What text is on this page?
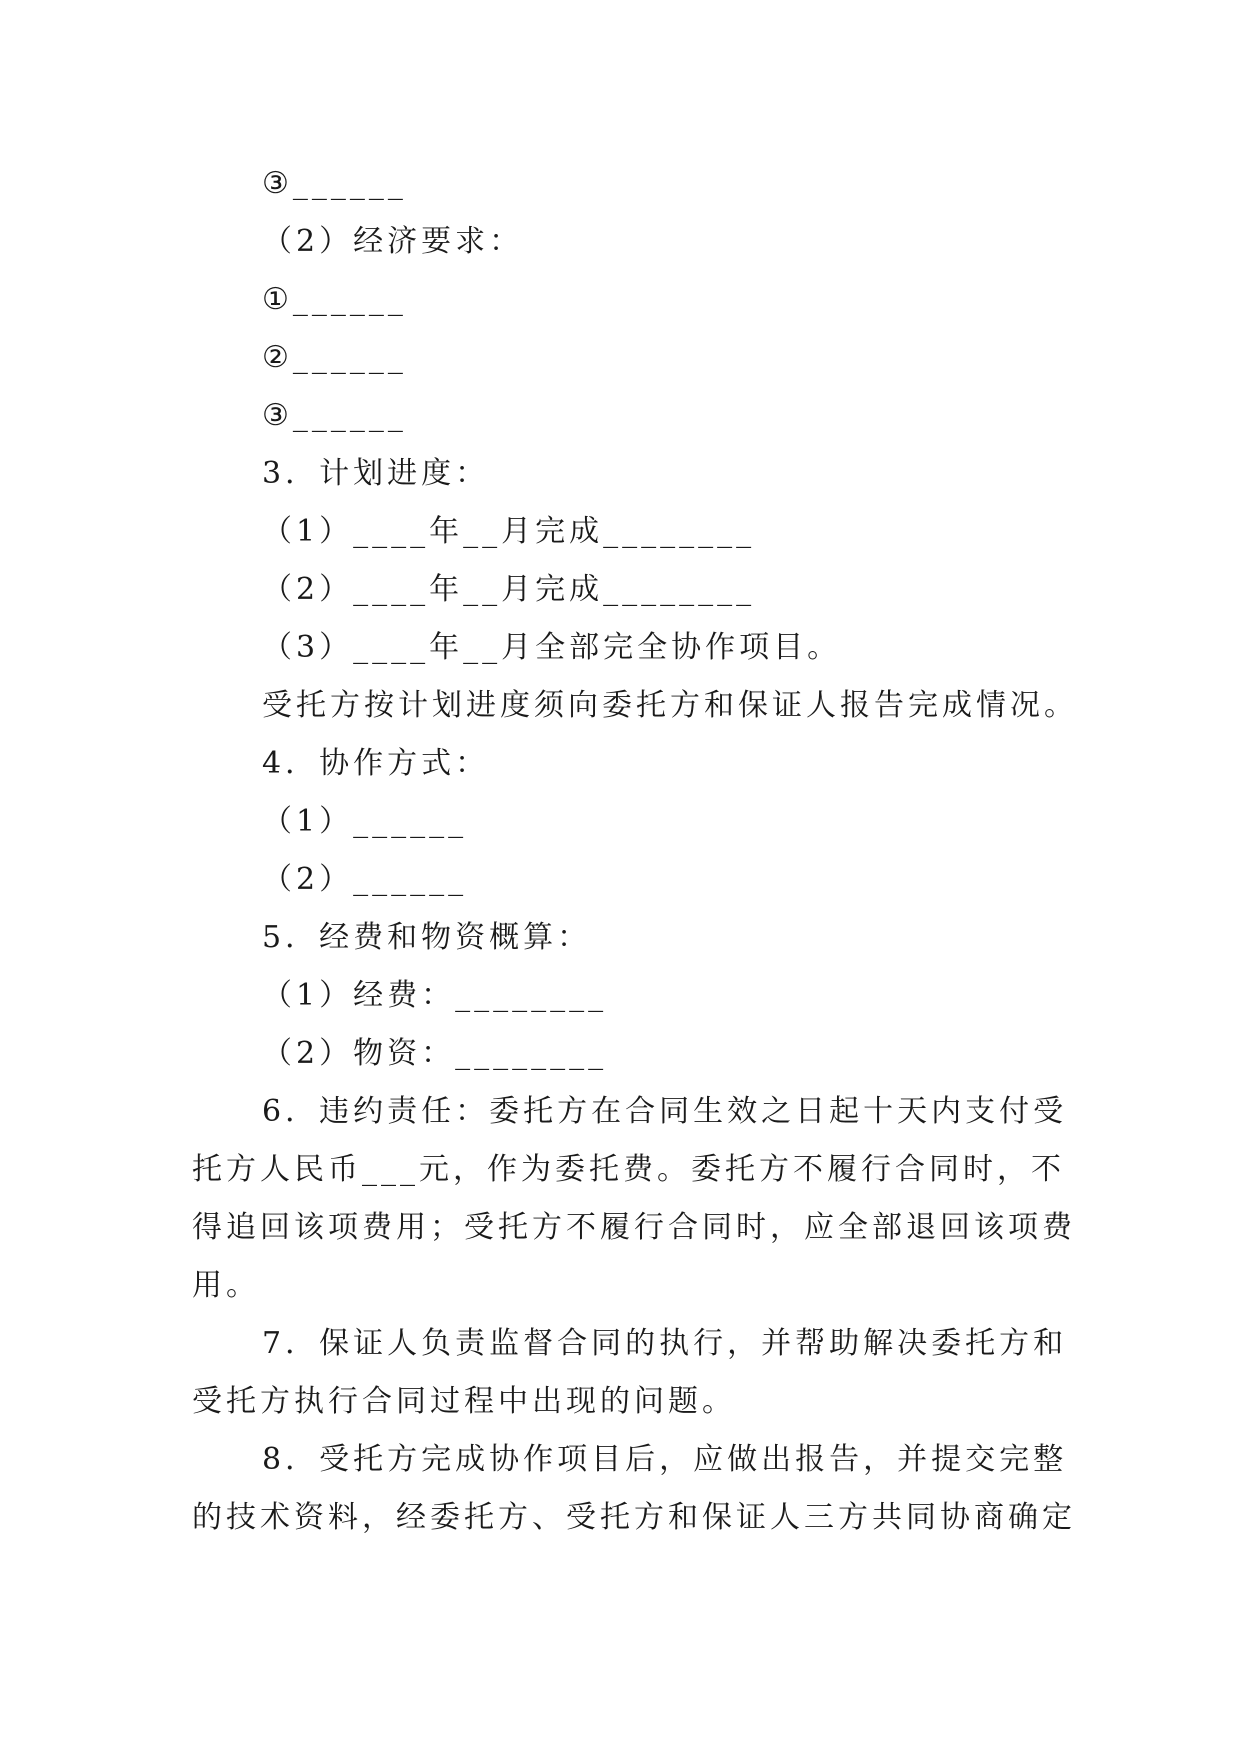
③______
（2）经济要求：
①______
②______
③______
3．计划进度：
（1）____年__月完成________
（2）____年__月完成________
（3）____年__月全部完全协作项目。
受托方按计划进度须向委托方和保证人报告完成情况。
4．协作方式：
（1）______
（2）______
5．经费和物资概算：
（1）经费：________
（2）物资：________
6．违约责任：委托方在合同生效之日起十天内支付受
托方人民币___元，作为委托费。委托方不履行合同时，不
得追回该项费用；受托方不履行合同时，应全部退回该项费
用。
7．保证人负责监督合同的执行，并帮助解决委托方和
受托方执行合同过程中出现的问题。
8．受托方完成协作项目后，应做出报告，并提交完整
的技术资料，经委托方、受托方和保证人三方共同协商确定
